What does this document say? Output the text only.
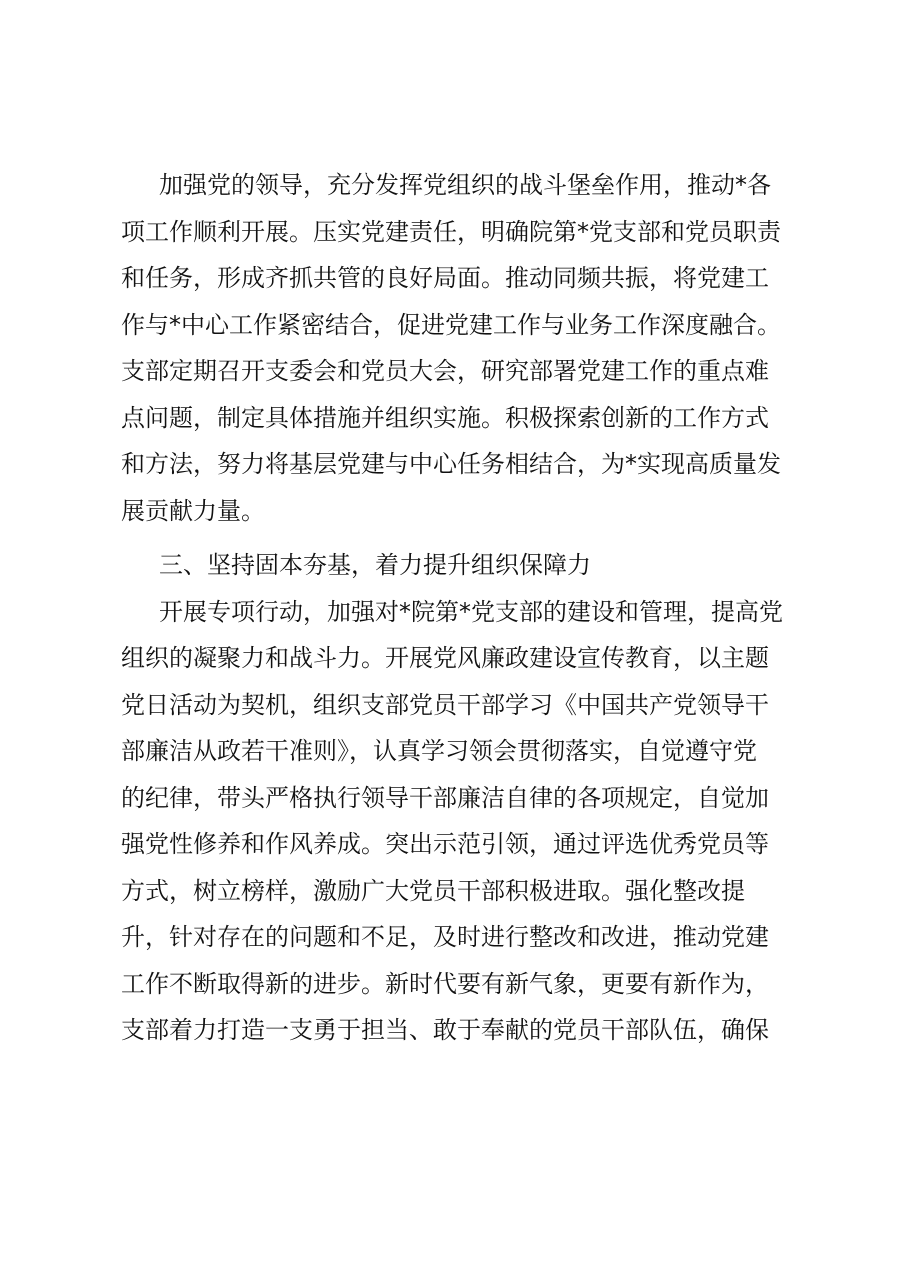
加强党的领导，充分发挥党组织的战斗堡垒作用，推动*各
项工作顺利开展。压实党建责任，明确院第*党支部和党员职责
和任务，形成齐抓共管的良好局面。推动同频共振，将党建工
作与*中心工作紧密结合，促进党建工作与业务工作深度融合。
支部定期召开支委会和党员大会，研究部署党建工作的重点难
点问题，制定具体措施并组织实施。积极探索创新的工作方式
和方法，努力将基层党建与中心任务相结合，为*实现高质量发
展贡献力量。
三、坚持固本夯基，着力提升组织保障力
开展专项行动，加强对*院第*党支部的建设和管理，提高党
组织的凝聚力和战斗力。开展党风廉政建设宣传教育，以主题
党日活动为契机，组织支部党员干部学习《中国共产党领导干
部廉洁从政若干准则》，认真学习领会贯彻落实，自觉遵守党
的纪律，带头严格执行领导干部廉洁自律的各项规定，自觉加
强党性修养和作风养成。突出示范引领，通过评选优秀党员等
方式，树立榜样，激励广大党员干部积极进取。强化整改提
升，针对存在的问题和不足，及时进行整改和改进，推动党建
工作不断取得新的进步。新时代要有新气象，更要有新作为，
支部着力打造一支勇于担当、敢于奉献的党员干部队伍，确保
